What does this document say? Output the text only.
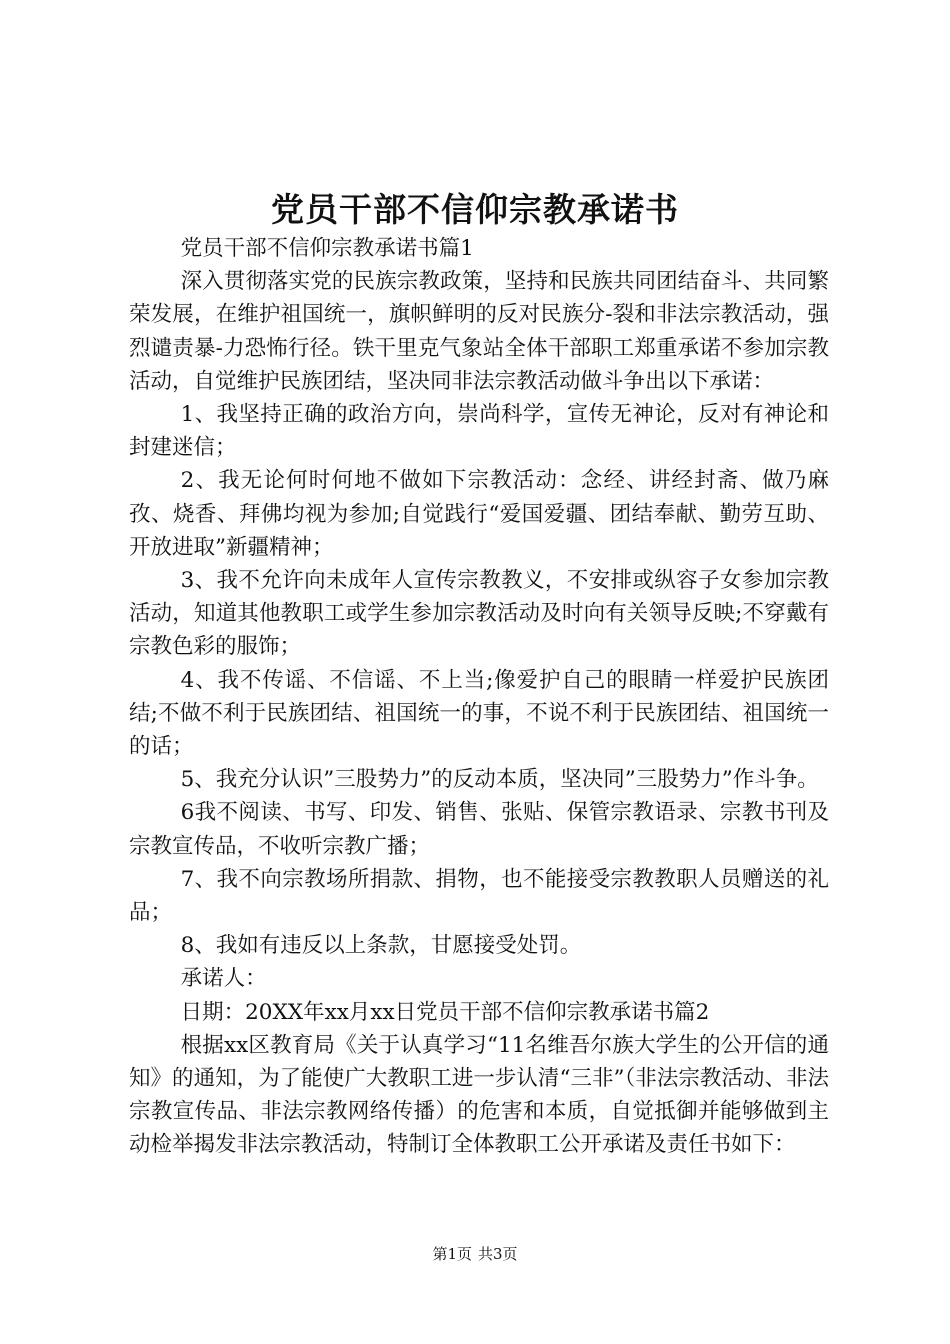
党员干部不信仰宗教承诺书

党员干部不信仰宗教承诺书篇1

深入贯彻落实党的民族宗教政策，坚持和民族共同团结奋斗、共同繁荣发展，在维护祖国统一，旗帜鲜明的反对民族分-裂和非法宗教活动，强烈谴责暴-力恐怖行径。铁干里克气象站全体干部职工郑重承诺不参加宗教活动，自觉维护民族团结，坚决同非法宗教活动做斗争出以下承诺：

1、我坚持正确的政治方向，崇尚科学，宣传无神论，反对有神论和封建迷信；

2、我无论何时何地不做如下宗教活动：念经、讲经封斋、做乃麻孜、烧香、拜佛均视为参加;自觉践行“爱国爱疆、团结奉献、勤劳互助、开放进取”新疆精神；

3、我不允许向未成年人宣传宗教教义，不安排或纵容子女参加宗教活动，知道其他教职工或学生参加宗教活动及时向有关领导反映;不穿戴有宗教色彩的服饰；

4、我不传谣、不信谣、不上当;像爱护自己的眼睛一样爱护民族团结;不做不利于民族团结、祖国统一的事，不说不利于民族团结、祖国统一的话；

5、我充分认识”三股势力”的反动本质，坚决同”三股势力”作斗争。

6我不阅读、书写、印发、销售、张贴、保管宗教语录、宗教书刊及宗教宣传品，不收听宗教广播；

7、我不向宗教场所捐款、捐物，也不能接受宗教教职人员赠送的礼品；

8、我如有违反以上条款，甘愿接受处罚。

承诺人：

日期：20XX年xx月xx日党员干部不信仰宗教承诺书篇2

根据xx区教育局《关于认真学习“11名维吾尔族大学生的公开信的通知》的通知，为了能使广大教职工进一步认清“三非”（非法宗教活动、非法宗教宣传品、非法宗教网络传播）的危害和本质，自觉抵御并能够做到主动检举揭发非法宗教活动，特制订全体教职工公开承诺及责任书如下：

第1页 共3页
